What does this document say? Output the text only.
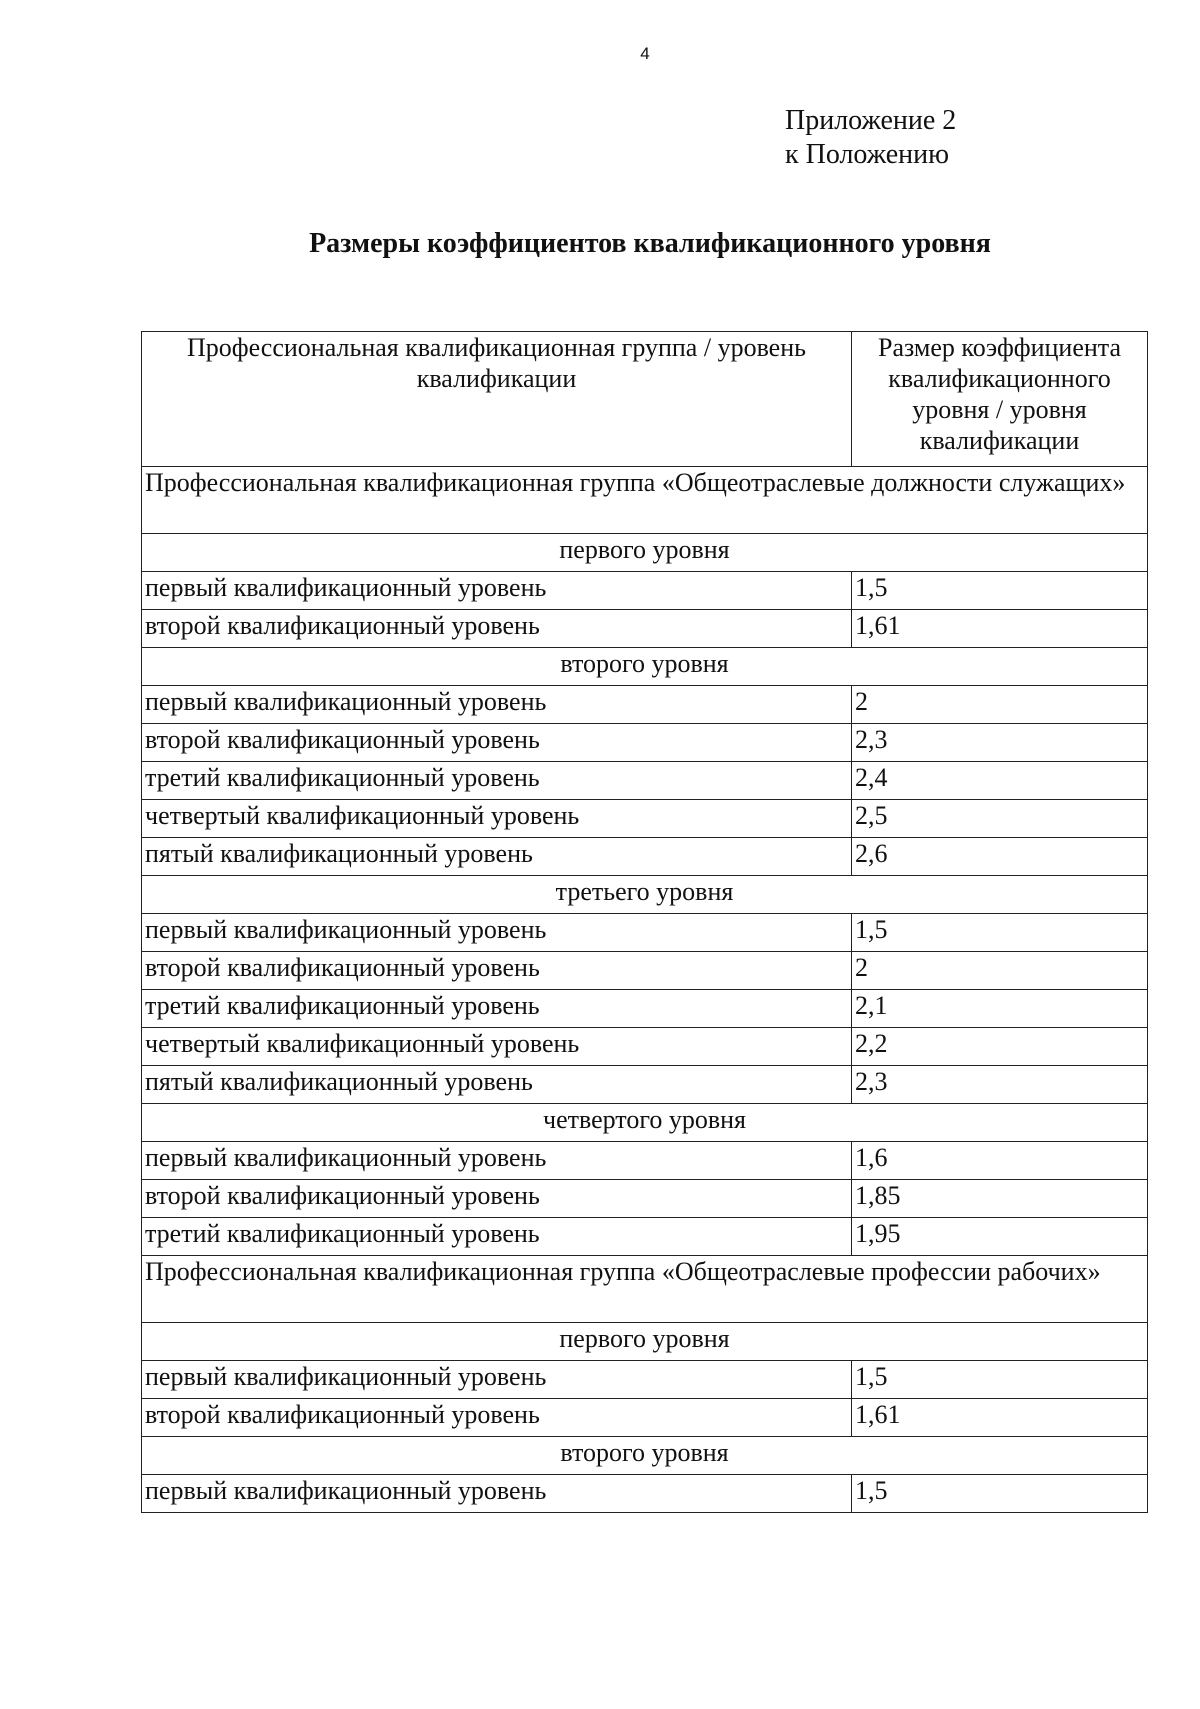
4
Приложение 2
к Положению
Размеры коэффициентов квалификационного уровня
Профессиональная квалификационная группа / уровень квалификации	Размер коэффициента квалификационного уровня / уровня квалификации
Профессиональная квалификационная группа «Общеотраслевые должности служащих»	
первого уровня	
первый квалификационный уровень	1,5
второй квалификационный уровень	1,61
второго уровня	
первый квалификационный уровень	2
второй квалификационный уровень	2,3
третий квалификационный уровень	2,4
четвертый квалификационный уровень	2,5
пятый квалификационный уровень	2,6
третьего уровня	
первый квалификационный уровень	1,5
второй квалификационный уровень	2
третий квалификационный уровень	2,1
четвертый квалификационный уровень	2,2
пятый квалификационный уровень	2,3
четвертого уровня	
первый квалификационный уровень	1,6
второй квалификационный уровень	1,85
третий квалификационный уровень	1,95
Профессиональная квалификационная группа «Общеотраслевые профессии рабочих»	
первого уровня	
первый квалификационный уровень	1,5
второй квалификационный уровень	1,61
второго уровня	
первый квалификационный уровень	1,5
